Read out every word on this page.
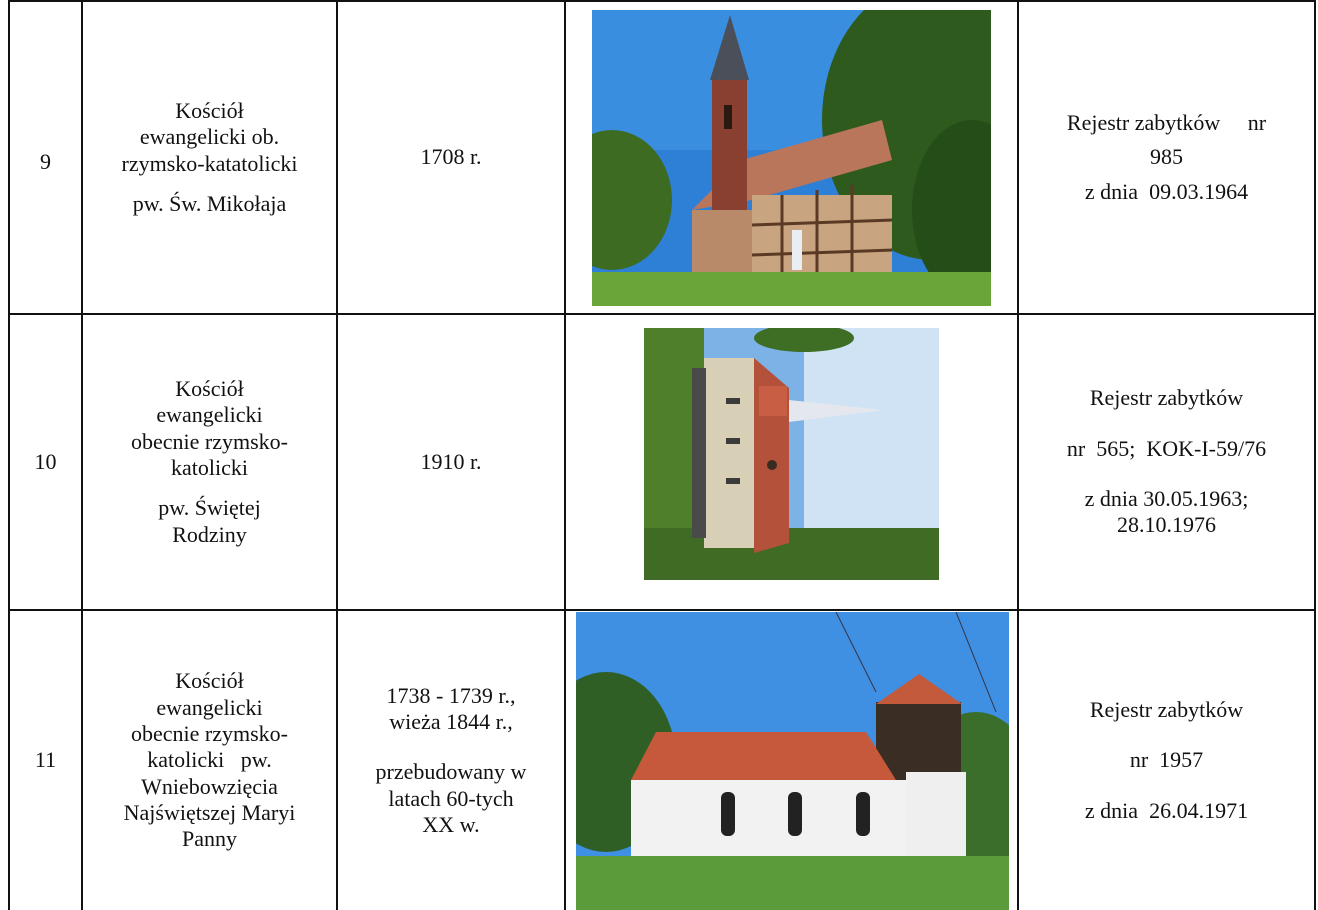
9

Kościół

ewangelicki ob.

rzymsko-katatolicki

pw. Św. Mikołaja

1708 r.

Rejestr zabytków     nr

985

z dnia  09.03.1964

10

Kościół

ewangelicki

obecnie rzymsko-

katolicki

pw. Świętej

Rodziny

1910 r.

Rejestr zabytków

nr  565;  KOK-I-59/76

z dnia 30.05.1963;

28.10.1976

11

Kościół

ewangelicki

obecnie rzymsko-

katolicki   pw.

Wniebowzięcia

Najświętszej Maryi

Panny

1738 - 1739 r.,

wieża 1844 r.,

przebudowany w

latach 60-tych

XX w.

Rejestr zabytków

nr  1957

z dnia  26.04.1971
